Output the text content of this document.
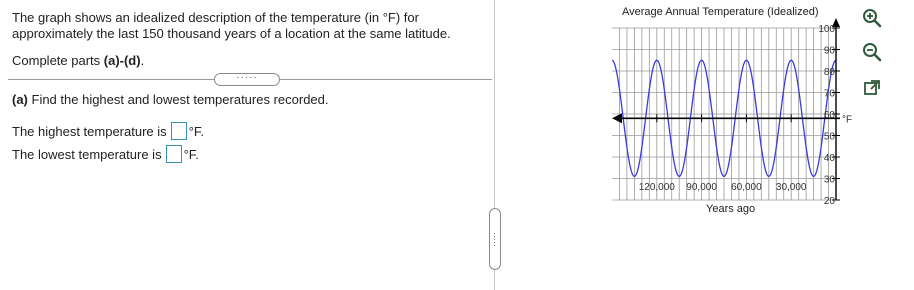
The graph shows an idealized description of the temperature (in °F) for approximately the last 150 thousand years of a location at the same latitude.
Complete parts (a)-(d).
·····
(a) Find the highest and lowest temperatures recorded.
The highest temperature is °F.
The lowest temperature is °F.
·····
Average Annual Temperature (Idealized)
20
30
40
50
60
70
80
90
100
120,000 90,000 60,000 30,000
°F
Years ago
